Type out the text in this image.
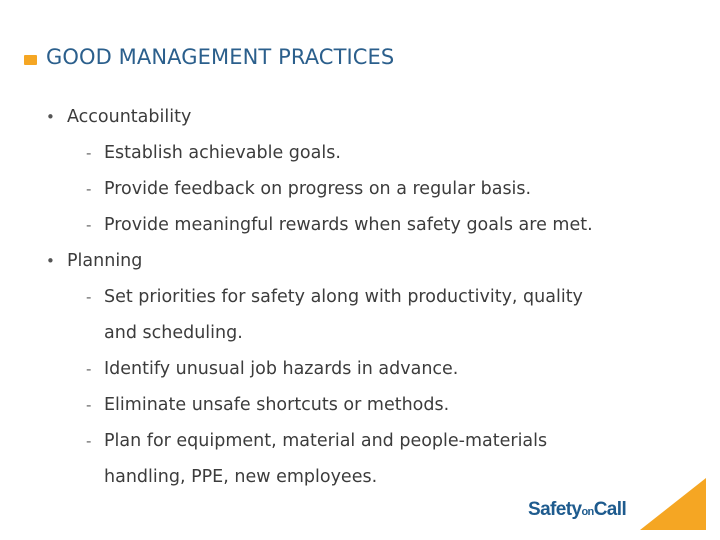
GOOD MANAGEMENT PRACTICES
• Accountability
- Establish achievable goals.
- Provide feedback on progress on a regular basis.
- Provide meaningful rewards when safety goals are met.
• Planning
- Set priorities for safety along with productivity, quality
and scheduling.
- Identify unusual job hazards in advance.
- Eliminate unsafe shortcuts or methods.
- Plan for equipment, material and people-materials
handling, PPE, new employees.
SafetyonCall
